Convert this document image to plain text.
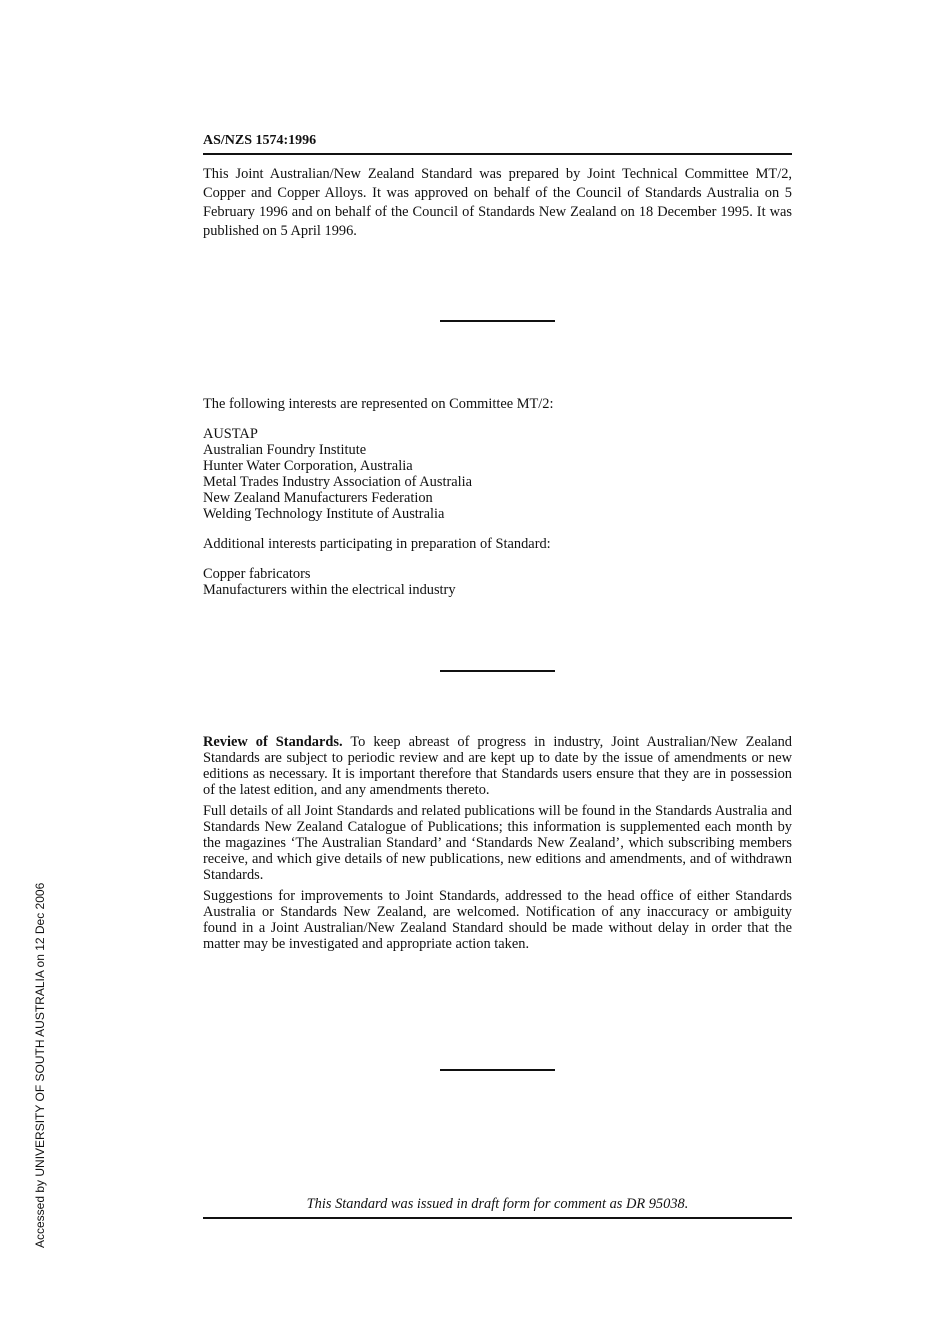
AS/NZS 1574:1996

This Joint Australian/New Zealand Standard was prepared by Joint Technical Committee MT/2, Copper and Copper Alloys. It was approved on behalf of the Council of Standards Australia on 5 February 1996 and on behalf of the Council of Standards New Zealand on 18 December 1995. It was published on 5 April 1996.

The following interests are represented on Committee MT/2:

AUSTAP
Australian Foundry Institute
Hunter Water Corporation, Australia
Metal Trades Industry Association of Australia
New Zealand Manufacturers Federation
Welding Technology Institute of Australia

Additional interests participating in preparation of Standard:

Copper fabricators
Manufacturers within the electrical industry

Review of Standards. To keep abreast of progress in industry, Joint Australian/New Zealand Standards are subject to periodic review and are kept up to date by the issue of amendments or new editions as necessary. It is important therefore that Standards users ensure that they are in possession of the latest edition, and any amendments thereto.

Full details of all Joint Standards and related publications will be found in the Standards Australia and Standards New Zealand Catalogue of Publications; this information is supplemented each month by the magazines ‘The Australian Standard’ and ‘Standards New Zealand’, which subscribing members receive, and which give details of new publications, new editions and amendments, and of withdrawn Standards.

Suggestions for improvements to Joint Standards, addressed to the head office of either Standards Australia or Standards New Zealand, are welcomed. Notification of any inaccuracy or ambiguity found in a Joint Australian/New Zealand Standard should be made without delay in order that the matter may be investigated and appropriate action taken.

This Standard was issued in draft form for comment as DR 95038.
Accessed by UNIVERSITY OF SOUTH AUSTRALIA on 12 Dec 2006
